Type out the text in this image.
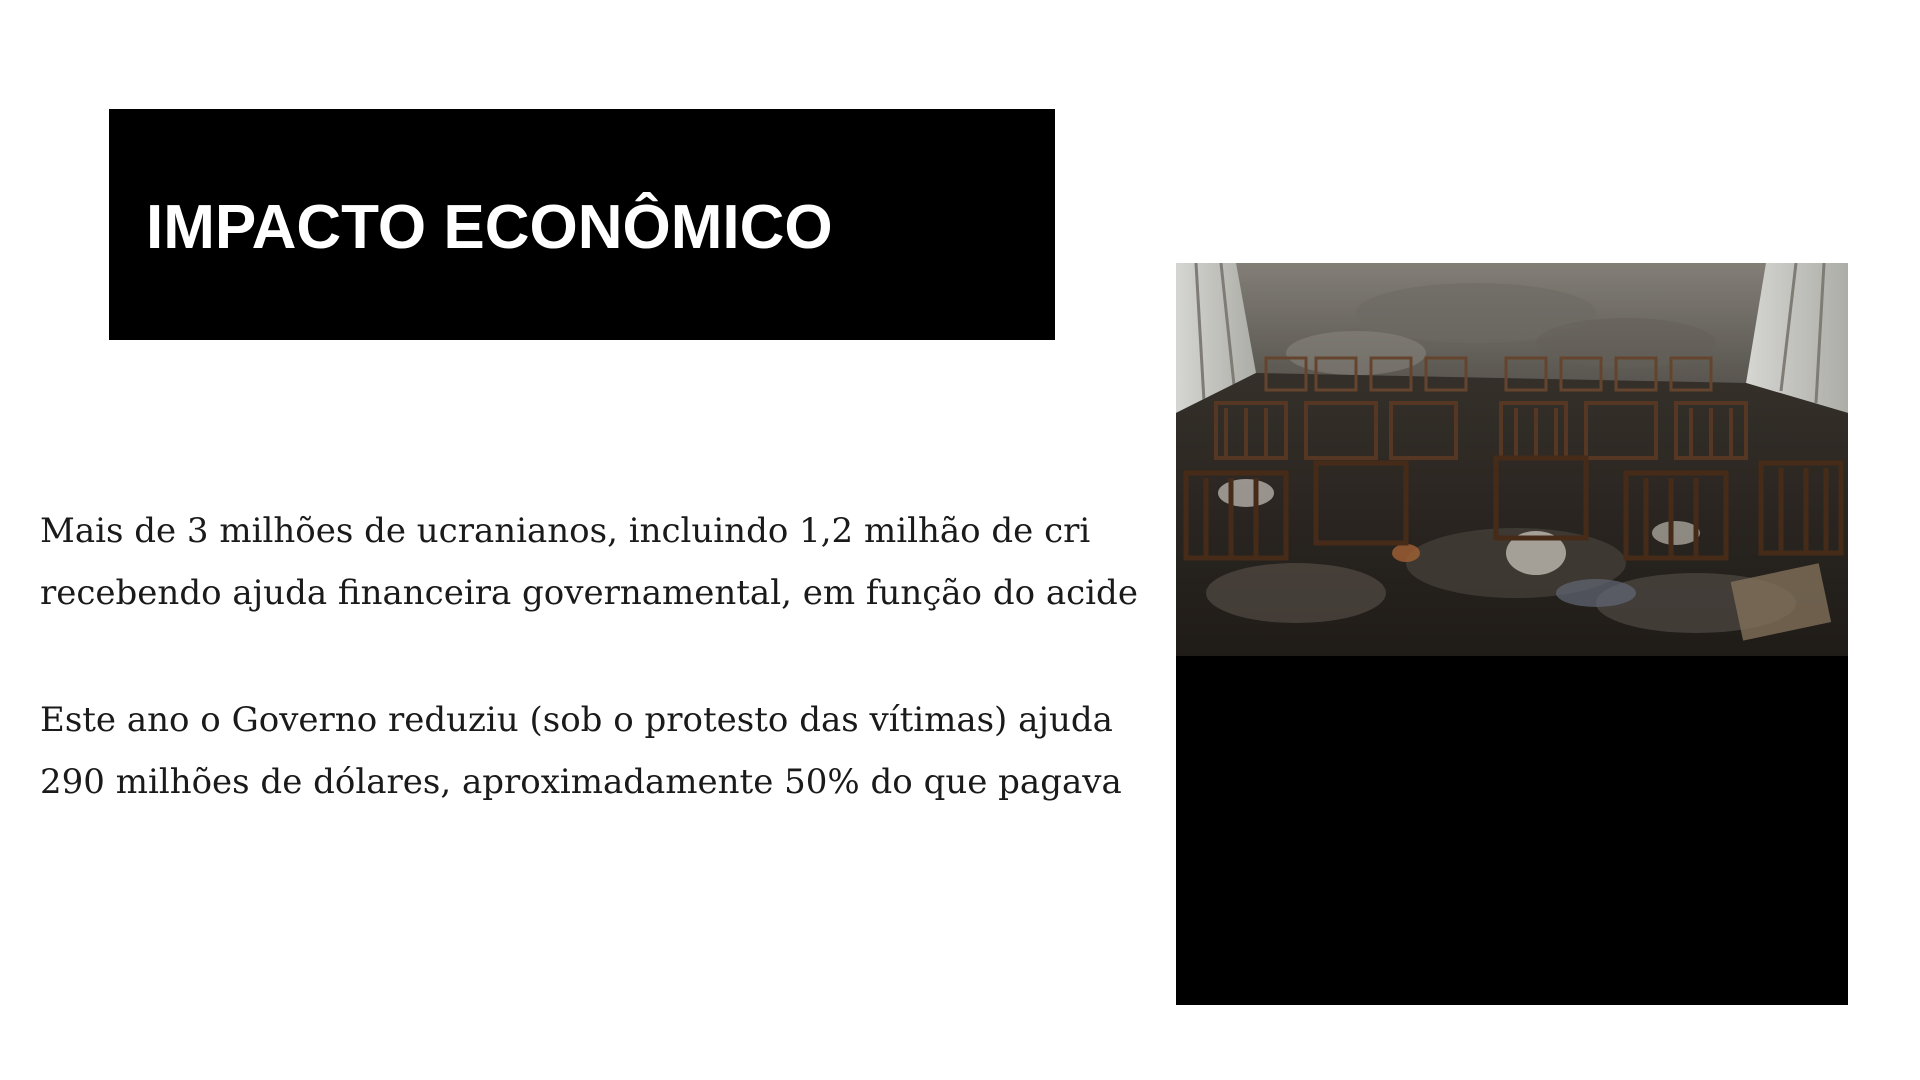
IMPACTO ECONÔMICO

Mais de 3 milhões de ucranianos, incluindo 1,2 milhão de cri
recebendo ajuda financeira governamental, em função do acide

Este ano o Governo reduziu (sob o protesto das vítimas) ajuda
290 milhões de dólares, aproximadamente 50% do que pagava
